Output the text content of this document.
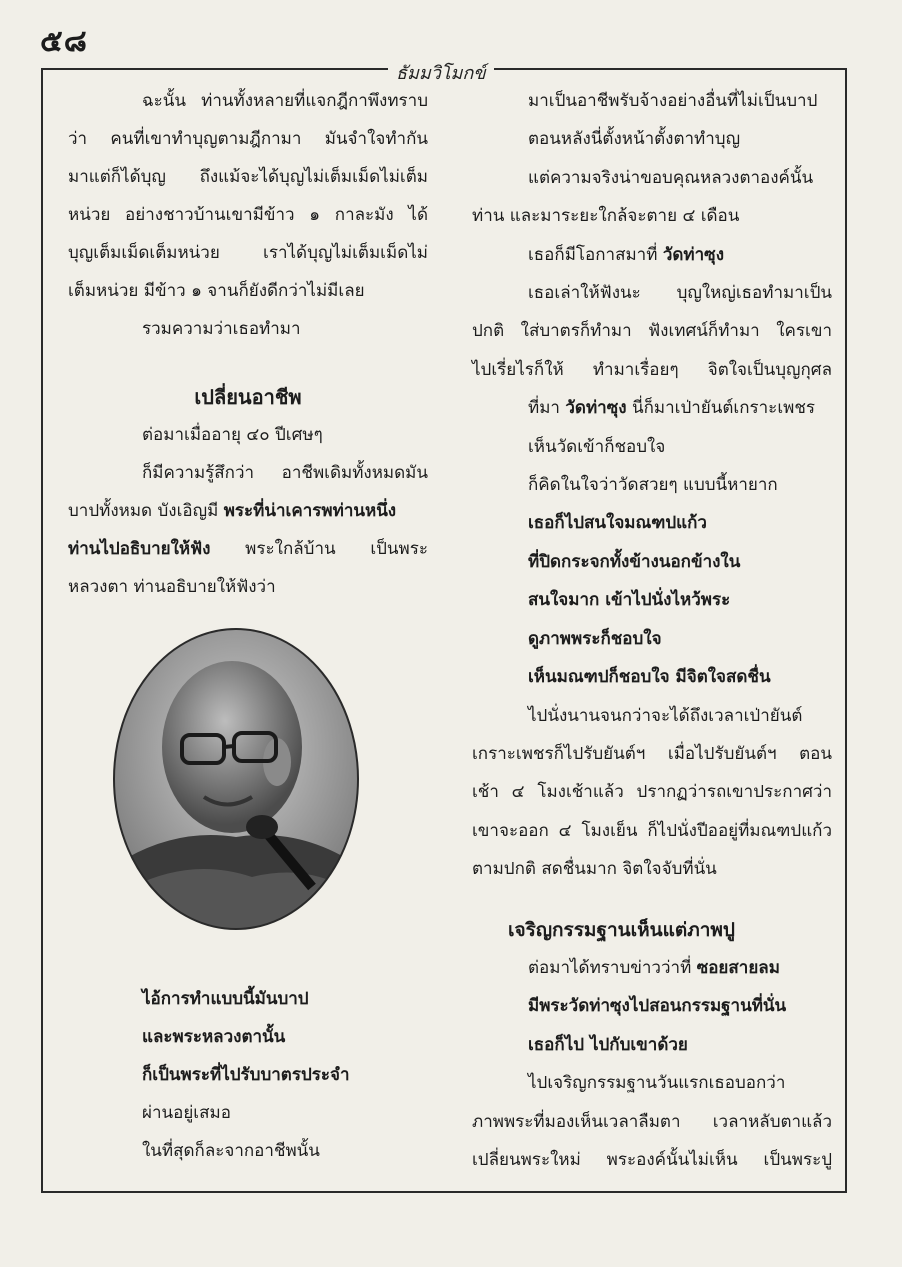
๕๘
ธัมมวิโมกข์

ฉะนั้น ท่านทั้งหลายที่แจกฎีกาพึงทราบ

ว่า คนที่เขาทำบุญตามฎีกามา มันจำใจทำกัน

มาแต่ก็ได้บุญ ถึงแม้จะได้บุญไม่เต็มเม็ดไม่เต็ม

หน่วย อย่างชาวบ้านเขามีข้าว ๑ กาละมัง ได้

บุญเต็มเม็ดเต็มหน่วย เราได้บุญไม่เต็มเม็ดไม่

เต็มหน่วย มีข้าว ๑ จานก็ยังดีกว่าไม่มีเลย

รวมความว่าเธอทำมา

เปลี่ยนอาชีพ

ต่อมาเมื่ออายุ ๔๐ ปีเศษๆ

ก็มีความรู้สึกว่า อาชีพเดิมทั้งหมดมัน

บาปทั้งหมด บังเอิญมี พระที่น่าเคารพท่านหนึ่ง

ท่านไปอธิบายให้ฟัง พระใกล้บ้าน เป็นพระ

หลวงตา ท่านอธิบายให้ฟังว่า

ไอ้การทำแบบนี้มันบาป

และพระหลวงตานั้น

ก็เป็นพระที่ไปรับบาตรประจำ

ผ่านอยู่เสมอ

ในที่สุดก็ละจากอาชีพนั้น

มาเป็นอาชีพรับจ้างอย่างอื่นที่ไม่เป็นบาป

ตอนหลังนี่ตั้งหน้าตั้งตาทำบุญ

แต่ความจริงน่าขอบคุณหลวงตาองค์นั้น

ท่าน และมาระยะใกล้จะตาย ๔ เดือน

เธอก็มีโอกาสมาที่ วัดท่าซุง

เธอเล่าให้ฟังนะ บุญใหญ่เธอทำมาเป็น

ปกติ ใส่บาตรก็ทำมา ฟังเทศน์ก็ทำมา ใครเขา

ไปเรี่ยไรก็ให้ ทำมาเรื่อยๆ จิตใจเป็นบุญกุศล

ที่มา วัดท่าซุง นี่ก็มาเป่ายันต์เกราะเพชร

เห็นวัดเข้าก็ชอบใจ

ก็คิดในใจว่าวัดสวยๆ แบบนี้หายาก

เธอก็ไปสนใจมณฑปแก้ว

ที่ปิดกระจกทั้งข้างนอกข้างใน

สนใจมาก เข้าไปนั่งไหว้พระ

ดูภาพพระก็ชอบใจ

เห็นมณฑปก็ชอบใจ มีจิตใจสดชื่น

ไปนั่งนานจนกว่าจะได้ถึงเวลาเป่ายันต์

เกราะเพชรก็ไปรับยันต์ฯ เมื่อไปรับยันต์ฯ ตอน

เช้า ๔ โมงเช้าแล้ว ปรากฏว่ารถเขาประกาศว่า

เขาจะออก ๔ โมงเย็น ก็ไปนั่งปีออยู่ที่มณฑปแก้ว

ตามปกติ สดชื่นมาก จิตใจจับที่นั่น

เจริญกรรมฐานเห็นแต่ภาพปู

ต่อมาได้ทราบข่าวว่าที่ ซอยสายลม

มีพระวัดท่าซุงไปสอนกรรมฐานที่นั่น

เธอก็ไป ไปกับเขาด้วย

ไปเจริญกรรมฐานวันแรกเธอบอกว่า

ภาพพระที่มองเห็นเวลาลืมตา เวลาหลับตาแล้ว

เปลี่ยนพระใหม่ พระองค์นั้นไม่เห็น เป็นพระปู
